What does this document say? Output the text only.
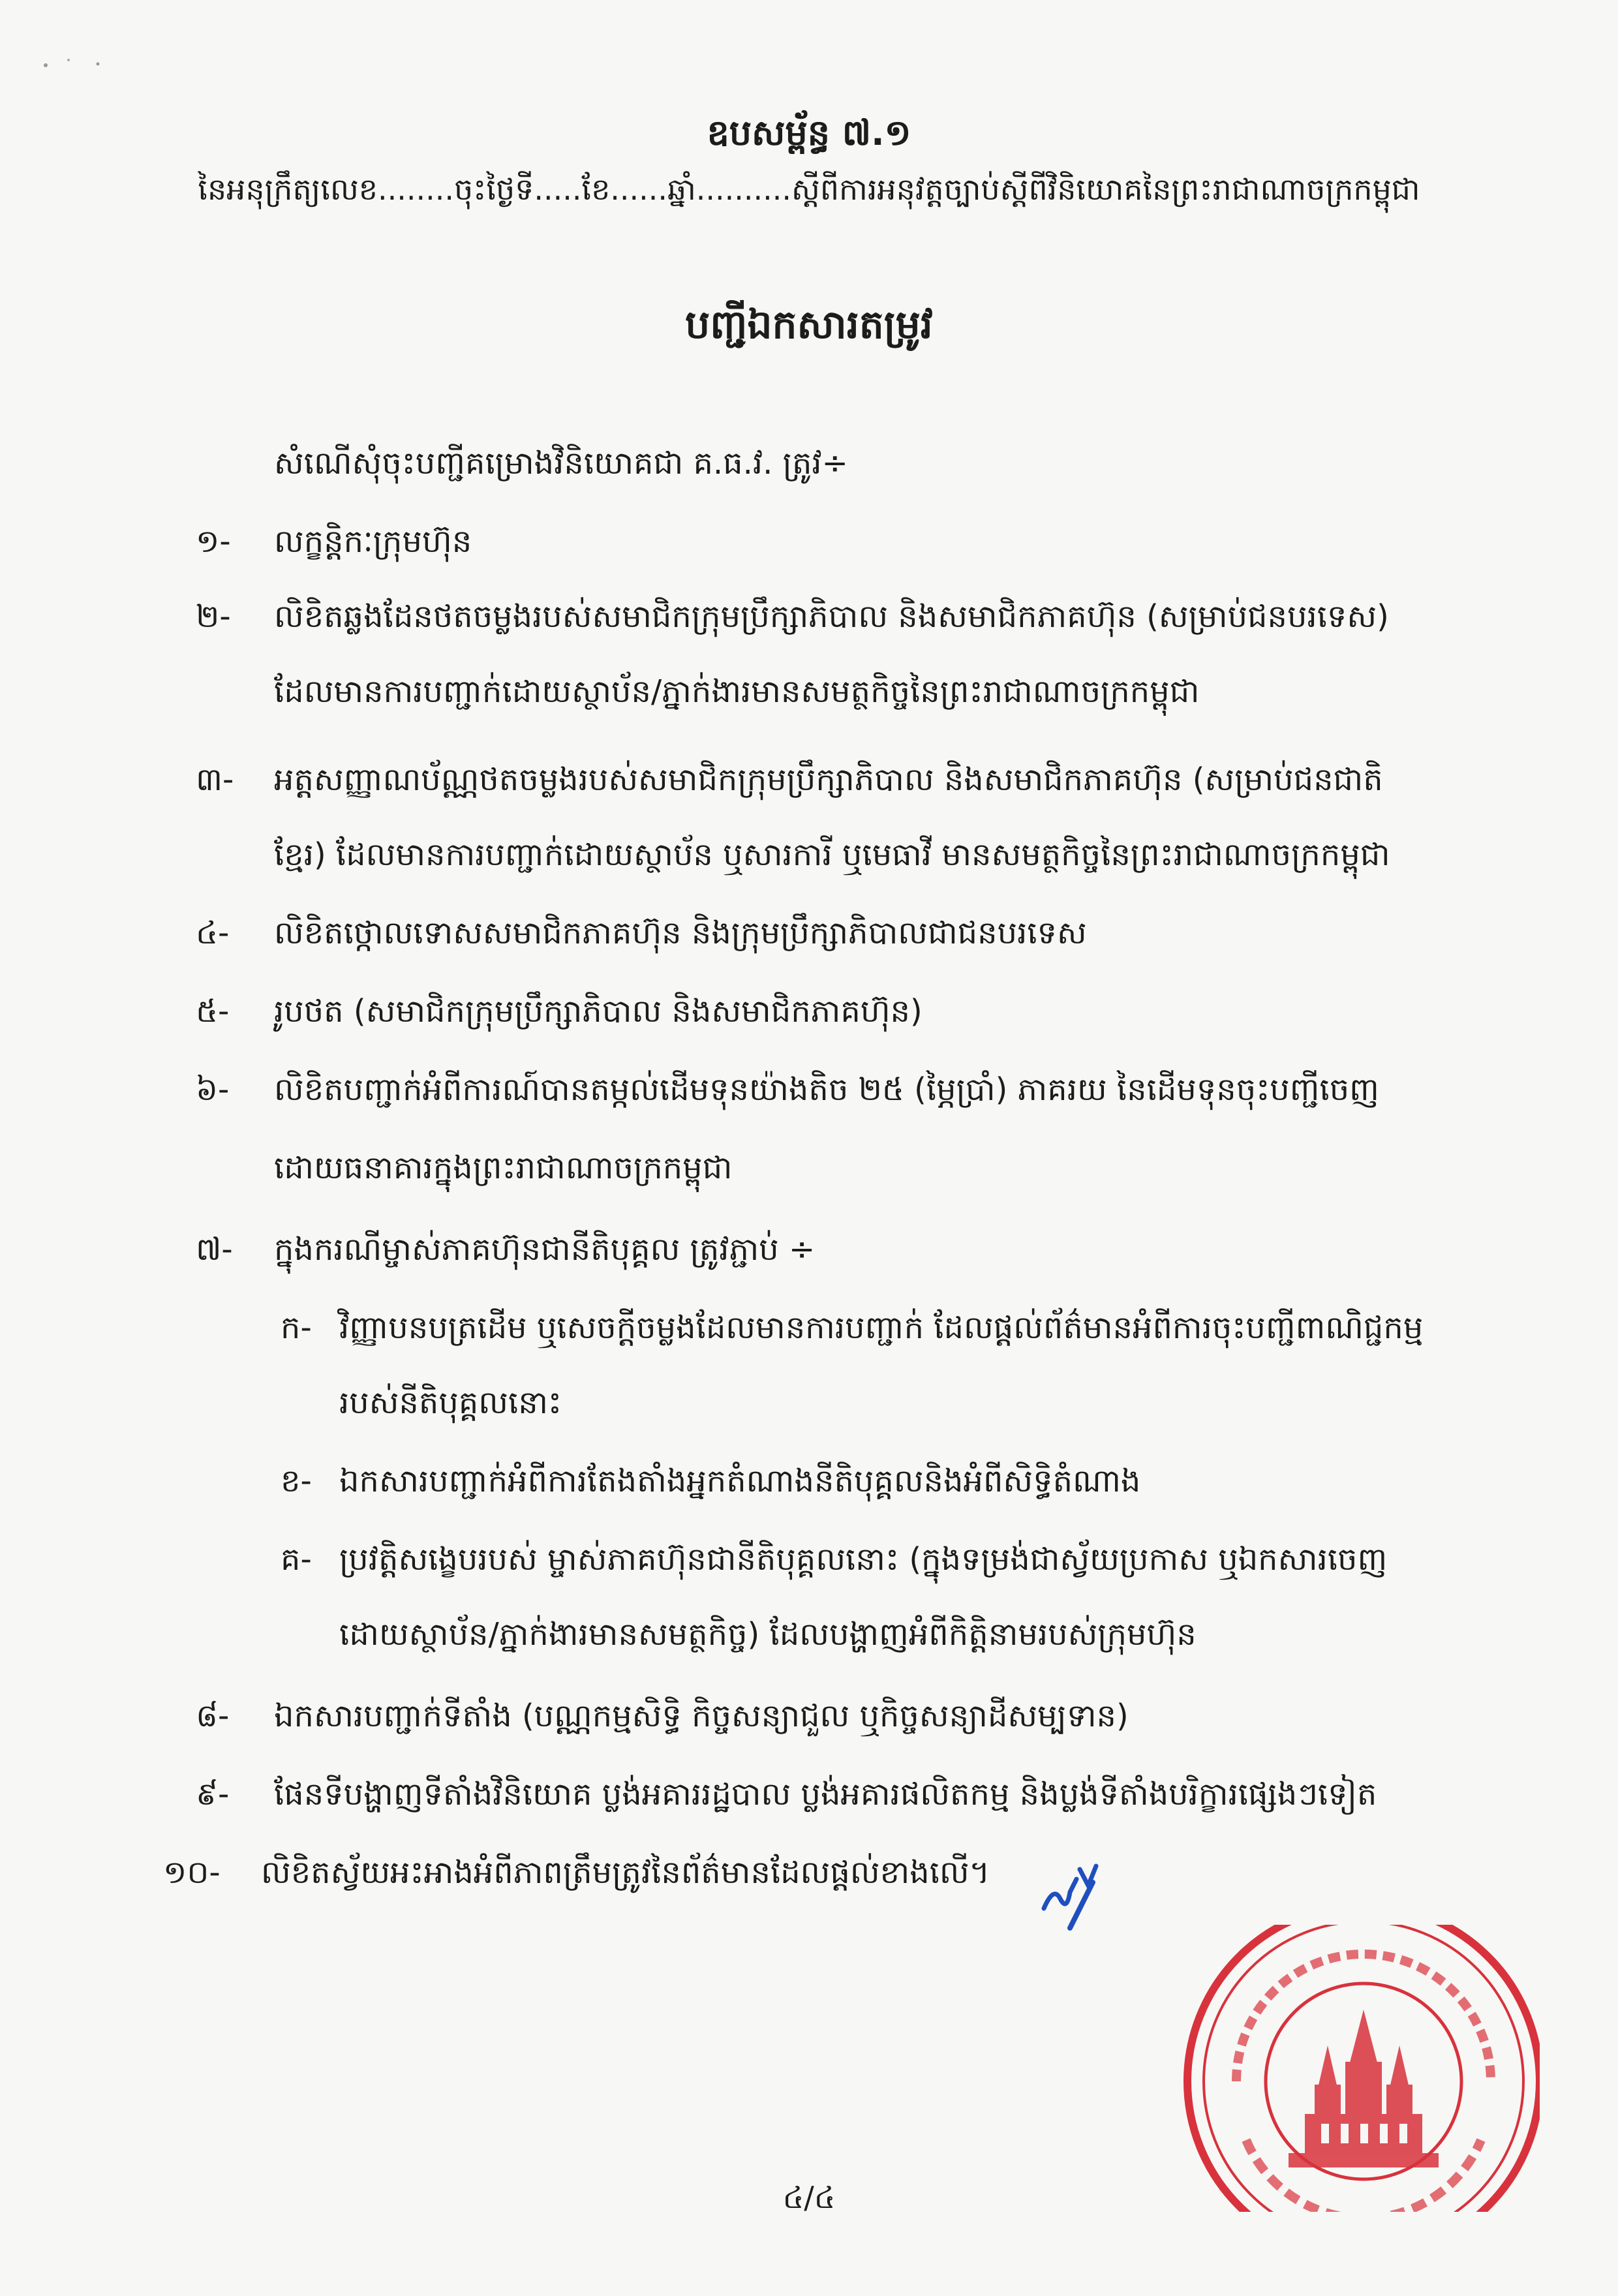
ឧបសម្ព័ន្ធ ៧.១
នៃអនុក្រឹត្យលេខ........ចុះថ្ងៃទី.....ខែ......ឆ្នាំ..........ស្តីពីការអនុវត្តច្បាប់ស្តីពីវិនិយោគនៃព្រះរាជាណាចក្រកម្ពុជា
បញ្ជីឯកសារតម្រូវ
សំណើសុំចុះបញ្ជីគម្រោងវិនិយោគជា គ.ធ.វ. ត្រូវ÷
១- លក្ខន្តិកៈក្រុមហ៊ុន
២- លិខិតឆ្លងដែនថតចម្លងរបស់សមាជិកក្រុមប្រឹក្សាភិបាល និងសមាជិកភាគហ៊ុន (សម្រាប់ជនបរទេស)
ដែលមានការបញ្ជាក់ដោយស្ថាប័ន/ភ្នាក់ងារមានសមត្ថកិច្ចនៃព្រះរាជាណាចក្រកម្ពុជា
៣- អត្តសញ្ញាណប័ណ្ណថតចម្លងរបស់សមាជិកក្រុមប្រឹក្សាភិបាល និងសមាជិកភាគហ៊ុន (សម្រាប់ជនជាតិ
ខ្មែរ) ដែលមានការបញ្ជាក់ដោយស្ថាប័ន ឬសារការី ឬមេធាវី មានសមត្ថកិច្ចនៃព្រះរាជាណាចក្រកម្ពុជា
៤- លិខិតថ្កោលទោសសមាជិកភាគហ៊ុន និងក្រុមប្រឹក្សាភិបាលជាជនបរទេស
៥- រូបថត (សមាជិកក្រុមប្រឹក្សាភិបាល និងសមាជិកភាគហ៊ុន)
៦- លិខិតបញ្ជាក់អំពីការណ៍បានតម្កល់ដើមទុនយ៉ាងតិច ២៥ (ម្ភៃប្រាំ) ភាគរយ នៃដើមទុនចុះបញ្ជីចេញ
ដោយធនាគារក្នុងព្រះរាជាណាចក្រកម្ពុជា
៧- ក្នុងករណីម្ចាស់ភាគហ៊ុនជានីតិបុគ្គល ត្រូវភ្ជាប់ ÷
ក- វិញ្ញាបនបត្រដើម ឬសេចក្តីចម្លងដែលមានការបញ្ជាក់ ដែលផ្តល់ព័ត៌មានអំពីការចុះបញ្ជីពាណិជ្ជកម្ម
របស់នីតិបុគ្គលនោះ
ខ- ឯកសារបញ្ជាក់អំពីការតែងតាំងអ្នកតំណាងនីតិបុគ្គលនិងអំពីសិទ្ធិតំណាង
គ- ប្រវត្តិសង្ខេបរបស់ ម្ចាស់ភាគហ៊ុនជានីតិបុគ្គលនោះ (ក្នុងទម្រង់ជាស្វ័យប្រកាស ឬឯកសារចេញ
ដោយស្ថាប័ន/ភ្នាក់ងារមានសមត្ថកិច្ច) ដែលបង្ហាញអំពីកិត្តិនាមរបស់ក្រុមហ៊ុន
៨- ឯកសារបញ្ជាក់ទីតាំង (បណ្ណកម្មសិទ្ធិ កិច្ចសន្យាជួល ឬកិច្ចសន្យាដីសម្បទាន)
៩- ផែនទីបង្ហាញទីតាំងវិនិយោគ ប្លង់អគាររដ្ឋបាល ប្លង់អគារផលិតកម្ម និងប្លង់ទីតាំងបរិក្ខារផ្សេងៗទៀត
១០- លិខិតស្វ័យអះអាងអំពីភាពត្រឹមត្រូវនៃព័ត៌មានដែលផ្តល់ខាងលើ។
៤/៤
